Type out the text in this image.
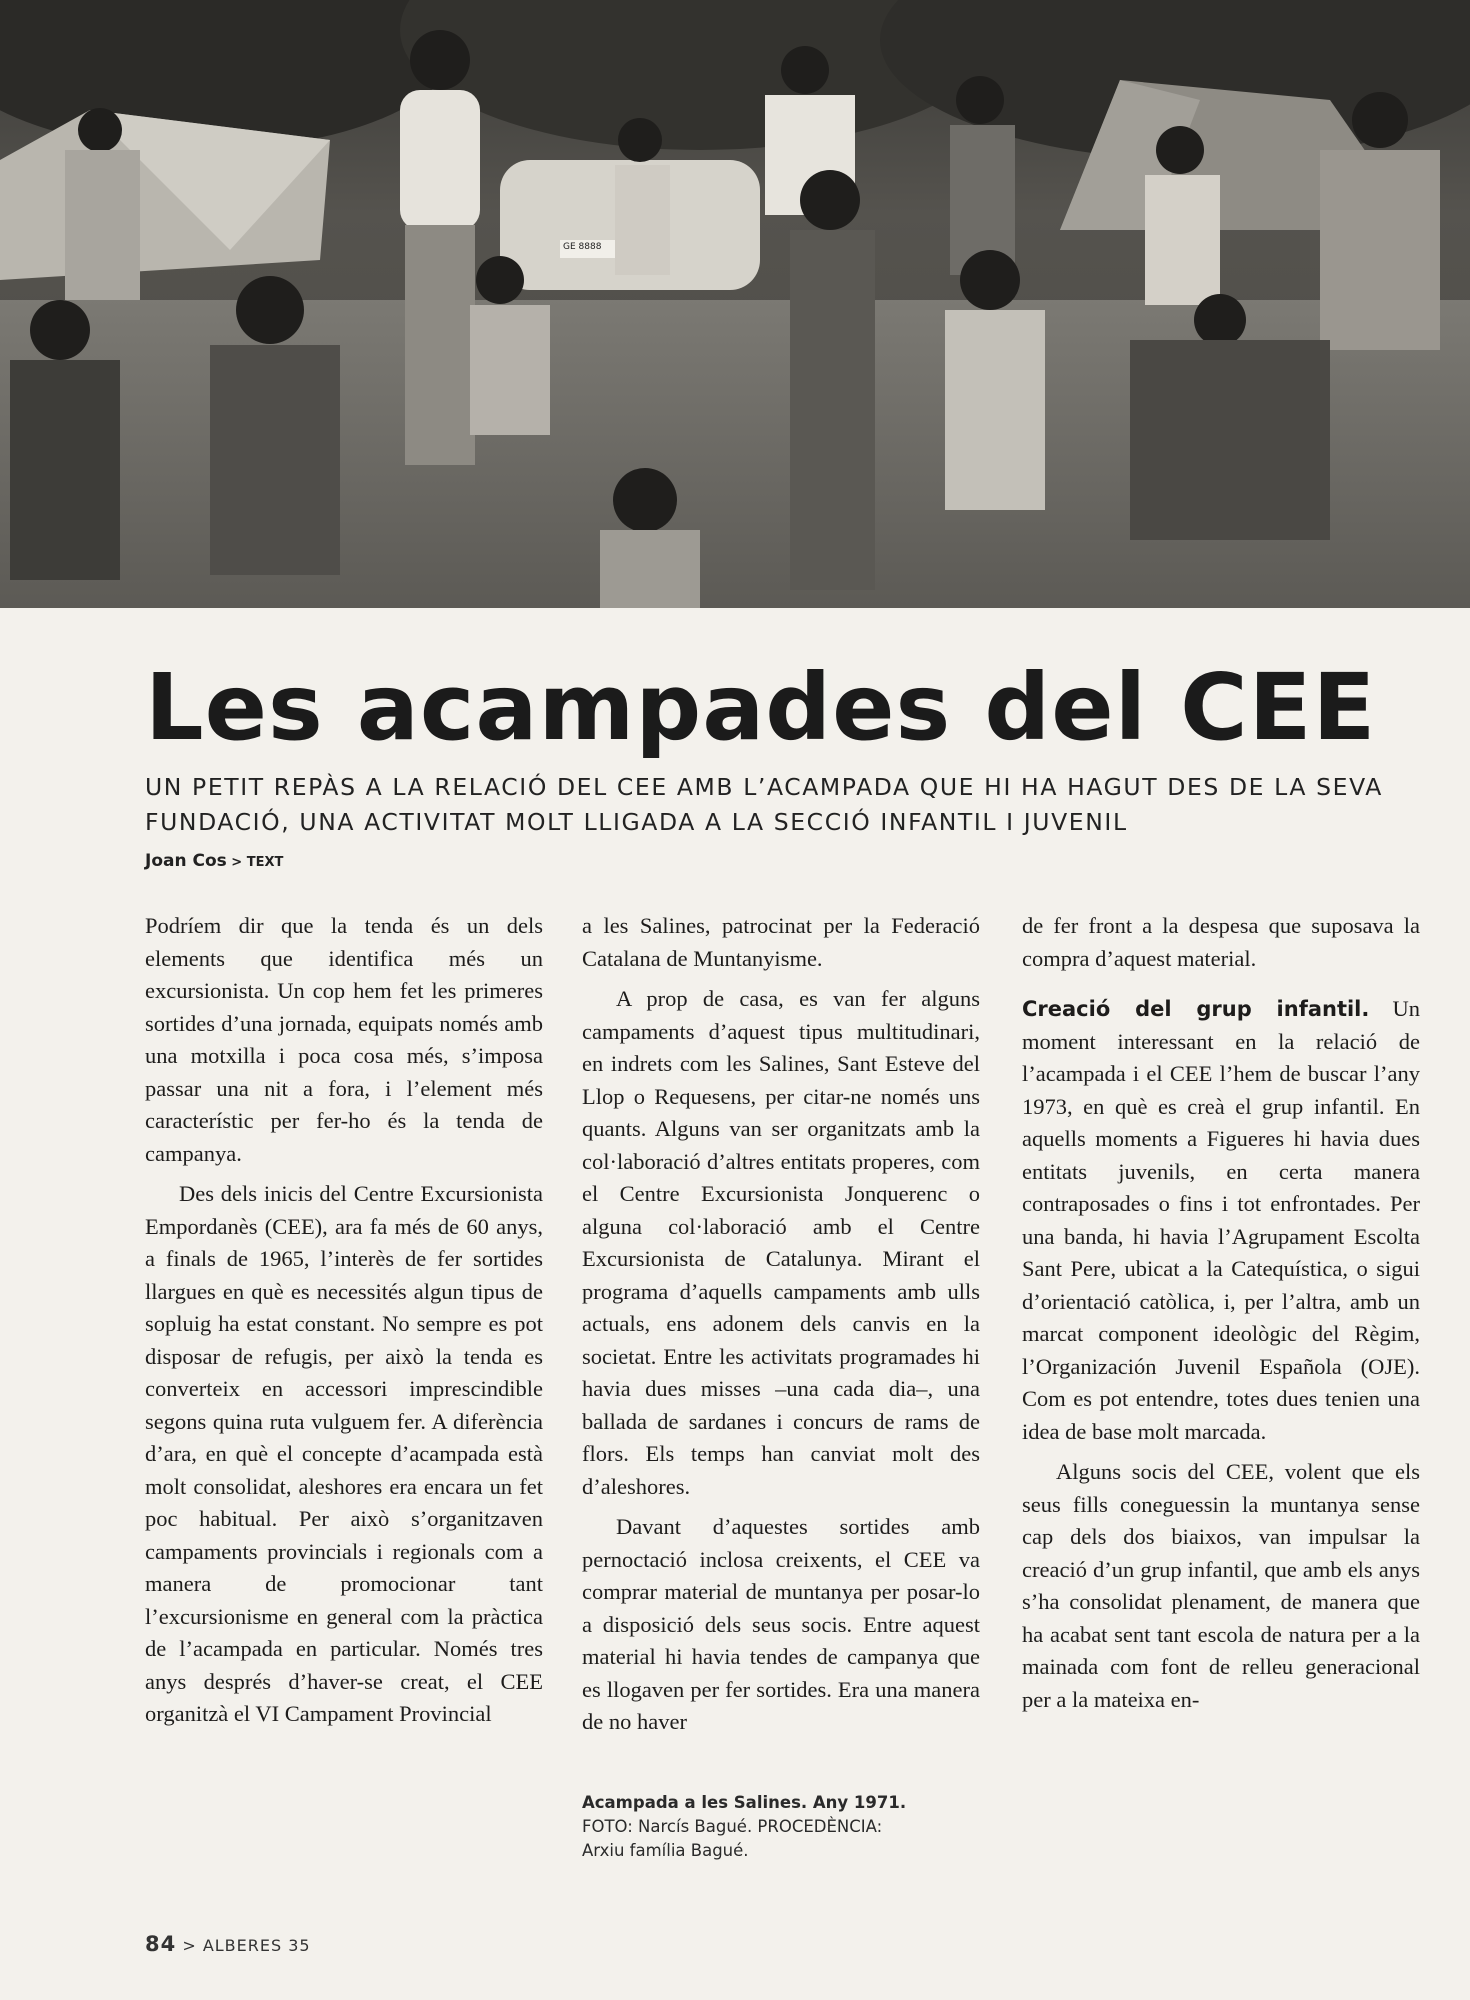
GE 8888
Les acampades del CEE
UN PETIT REPÀS A LA RELACIÓ DEL CEE AMB L’ACAMPADA QUE HI HA HAGUT DES DE LA SEVA
FUNDACIÓ, UNA ACTIVITAT MOLT LLIGADA A LA SECCIÓ INFANTIL I JUVENIL
Joan Cos > TEXT

Podríem dir que la tenda és un dels elements que identifica més un excursionista. Un cop hem fet les primeres sortides d’una jornada, equipats només amb una motxilla i poca cosa més, s’imposa passar una nit a fora, i l’element més característic per fer-ho és la tenda de campanya.

Des dels inicis del Centre Excursionista Empordanès (CEE), ara fa més de 60 anys, a finals de 1965, l’interès de fer sortides llargues en què es necessités algun tipus de sopluig ha estat constant. No sempre es pot disposar de refugis, per això la tenda es converteix en accessori imprescindible segons quina ruta vulguem fer. A diferència d’ara, en què el concepte d’acampada està molt consolidat, aleshores era encara un fet poc habitual. Per això s’organitzaven campaments provincials i regionals com a manera de promocionar tant l’excursionisme en general com la pràctica de l’acampada en particular. Només tres anys després d’haver-se creat, el CEE organitzà el VI Campament Provincial

a les Salines, patrocinat per la Federació Catalana de Muntanyisme.

A prop de casa, es van fer alguns campaments d’aquest tipus multitudinari, en indrets com les Salines, Sant Esteve del Llop o Requesens, per citar-ne només uns quants. Alguns van ser organitzats amb la col·laboració d’altres entitats properes, com el Centre Excursionista Jonquerenc o alguna col·laboració amb el Centre Excursionista de Catalunya. Mirant el programa d’aquells campaments amb ulls actuals, ens adonem dels canvis en la societat. Entre les activitats programades hi havia dues misses –una cada dia–, una ballada de sardanes i concurs de rams de flors. Els temps han canviat molt des d’aleshores.

Davant d’aquestes sortides amb pernoctació inclosa creixents, el CEE va comprar material de muntanya per posar-lo a disposició dels seus socis. Entre aquest material hi havia tendes de campanya que es llogaven per fer sortides. Era una manera de no haver

de fer front a la despesa que suposava la compra d’aquest material.

Creació del grup infantil. Un moment interessant en la relació de l’acampada i el CEE l’hem de buscar l’any 1973, en què es creà el grup infantil. En aquells moments a Figueres hi havia dues entitats juvenils, en certa manera contraposades o fins i tot enfrontades. Per una banda, hi havia l’Agrupament Escolta Sant Pere, ubicat a la Catequística, o sigui d’orientació catòlica, i, per l’altra, amb un marcat component ideològic del Règim, l’Organización Juvenil Española (OJE). Com es pot entendre, totes dues tenien una idea de base molt marcada.

Alguns socis del CEE, volent que els seus fills coneguessin la muntanya sense cap dels dos biaixos, van impulsar la creació d’un grup infantil, que amb els anys s’ha consolidat plenament, de manera que ha acabat sent tant escola de natura per a la mainada com font de relleu generacional per a la mateixa en-

Acampada a les Salines. Any 1971.
FOTO: Narcís Bagué. PROCEDÈNCIA:
Arxiu família Bagué.
84 > ALBERES 35
